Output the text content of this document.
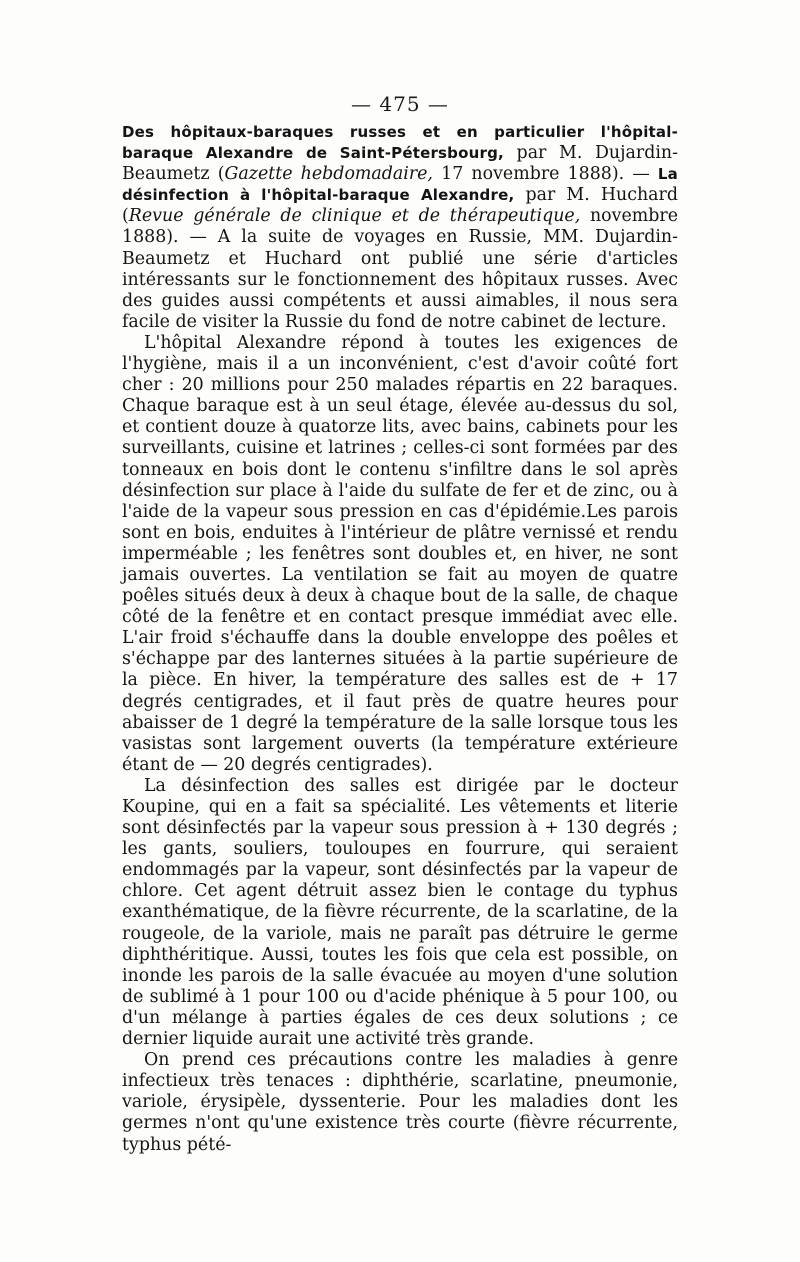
— 475 —

Des hôpitaux-baraques russes et en particulier l'hôpital-baraque Alexandre de Saint-Pétersbourg, par M. Dujardin-Beaumetz (Gazette hebdomadaire, 17 novembre 1888). — La désinfection à l'hôpital-baraque Alexandre, par M. Huchard (Revue générale de clinique et de thérapeutique, novembre 1888). — A la suite de voyages en Russie, MM. Dujardin-Beaumetz et Huchard ont publié une série d'articles intéressants sur le fonctionnement des hôpitaux russes. Avec des guides aussi compétents et aussi aimables, il nous sera facile de visiter la Russie du fond de notre cabinet de lecture.

L'hôpital Alexandre répond à toutes les exigences de l'hygiène, mais il a un inconvénient, c'est d'avoir coûté fort cher : 20 millions pour 250 malades répartis en 22 baraques. Chaque baraque est à un seul étage, élevée au-dessus du sol, et contient douze à quatorze lits, avec bains, cabinets pour les surveillants, cuisine et latrines ; celles-ci sont formées par des tonneaux en bois dont le contenu s'infiltre dans le sol après désinfection sur place à l'aide du sulfate de fer et de zinc, ou à l'aide de la vapeur sous pression en cas d'épidémie.Les parois sont en bois, enduites à l'intérieur de plâtre vernissé et rendu imperméable ; les fenêtres sont doubles et, en hiver, ne sont jamais ouvertes. La ventilation se fait au moyen de quatre poêles situés deux à deux à chaque bout de la salle, de chaque côté de la fenêtre et en contact presque immédiat avec elle. L'air froid s'échauffe dans la double enveloppe des poêles et s'échappe par des lanternes situées à la partie supérieure de la pièce. En hiver, la température des salles est de + 17 degrés centigrades, et il faut près de quatre heures pour abaisser de 1 degré la température de la salle lorsque tous les vasistas sont largement ouverts (la température extérieure étant de — 20 degrés centigrades).

La désinfection des salles est dirigée par le docteur Koupine, qui en a fait sa spécialité. Les vêtements et literie sont désinfectés par la vapeur sous pression à + 130 degrés ; les gants, souliers, touloupes en fourrure, qui seraient endommagés par la vapeur, sont désinfectés par la vapeur de chlore. Cet agent détruit assez bien le contage du typhus exanthématique, de la fièvre récurrente, de la scarlatine, de la rougeole, de la variole, mais ne paraît pas détruire le germe diphthéritique. Aussi, toutes les fois que cela est possible, on inonde les parois de la salle évacuée au moyen d'une solution de sublimé à 1 pour 100 ou d'acide phénique à 5 pour 100, ou d'un mélange à parties égales de ces deux solutions ; ce dernier liquide aurait une activité très grande.

On prend ces précautions contre les maladies à genre infectieux très tenaces : diphthérie, scarlatine, pneumonie, variole, érysipèle, dyssenterie. Pour les maladies dont les germes n'ont qu'une existence très courte (fièvre récurrente, typhus pété-
